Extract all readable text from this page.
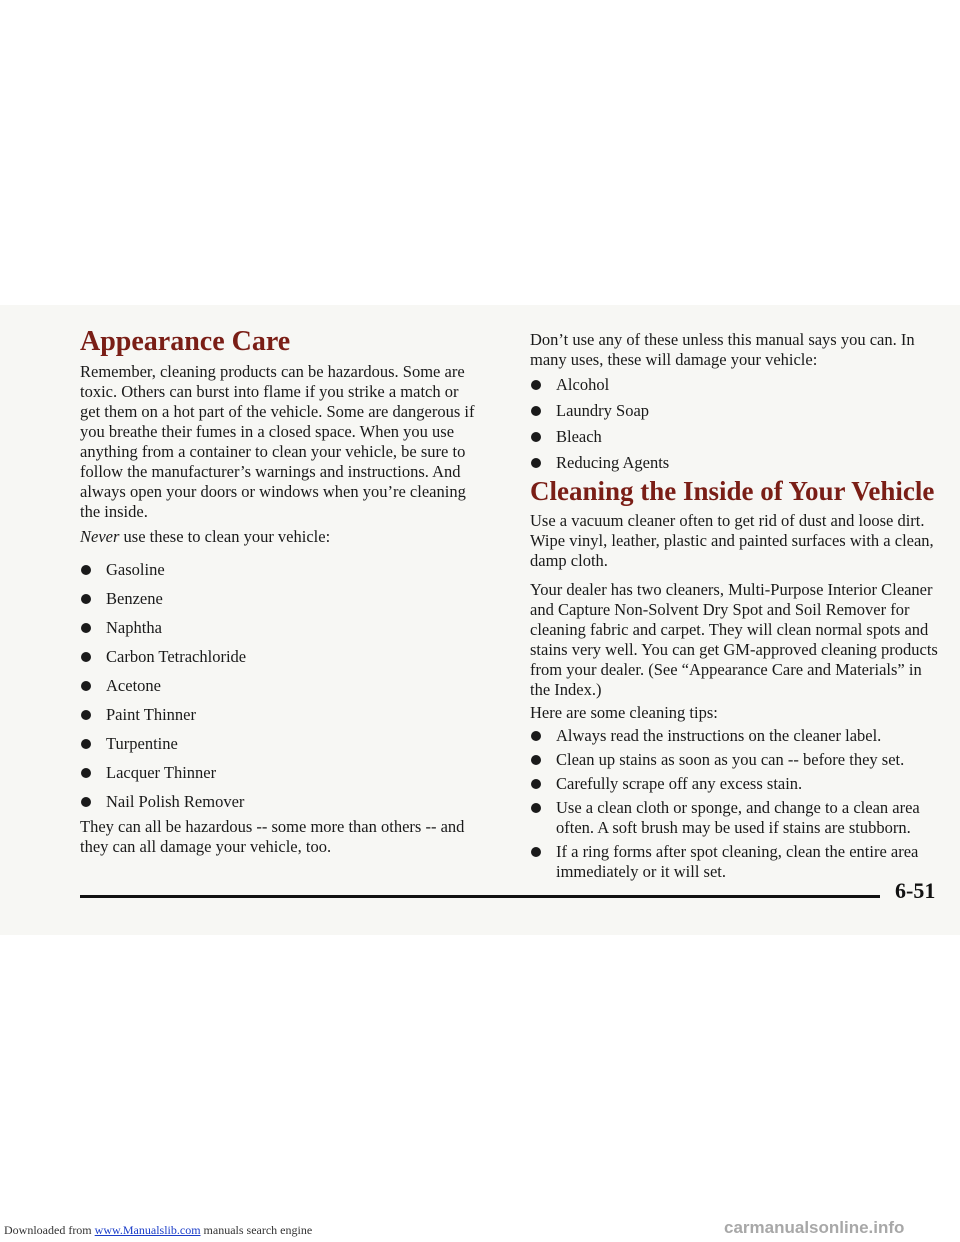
Appearance Care

Remember, cleaning products can be hazardous. Some are toxic. Others can burst into flame if you strike a match or get them on a hot part of the vehicle. Some are dangerous if you breathe their fumes in a closed space. When you use anything from a container to clean your vehicle, be sure to follow the manufacturer’s warnings and instructions. And always open your doors or windows when you’re cleaning the inside.

Never use these to clean your vehicle:

Gasoline
Benzene
Naphtha
Carbon Tetrachloride
Acetone
Paint Thinner
Turpentine
Lacquer Thinner
Nail Polish Remover

They can all be hazardous -- some more than others -- and they can all damage your vehicle, too.

Don’t use any of these unless this manual says you can. In many uses, these will damage your vehicle:

Alcohol
Laundry Soap
Bleach
Reducing Agents
Cleaning the Inside of Your Vehicle

Use a vacuum cleaner often to get rid of dust and loose dirt. Wipe vinyl, leather, plastic and painted surfaces with a clean, damp cloth.

Your dealer has two cleaners, Multi-Purpose Interior Cleaner and Capture Non-Solvent Dry Spot and Soil Remover for cleaning fabric and carpet. They will clean normal spots and stains very well. You can get GM-approved cleaning products from your dealer. (See “Appearance Care and Materials” in the Index.)

Here are some cleaning tips:

Always read the instructions on the cleaner label.
Clean up stains as soon as you can -- before they set.
Carefully scrape off any excess stain.
Use a clean cloth or sponge, and change to a clean area often. A soft brush may be used if stains are stubborn.
If a ring forms after spot cleaning, clean the entire area immediately or it will set.
6-51
Downloaded from www.Manualslib.com manuals search engine	carmanualsonline.info
